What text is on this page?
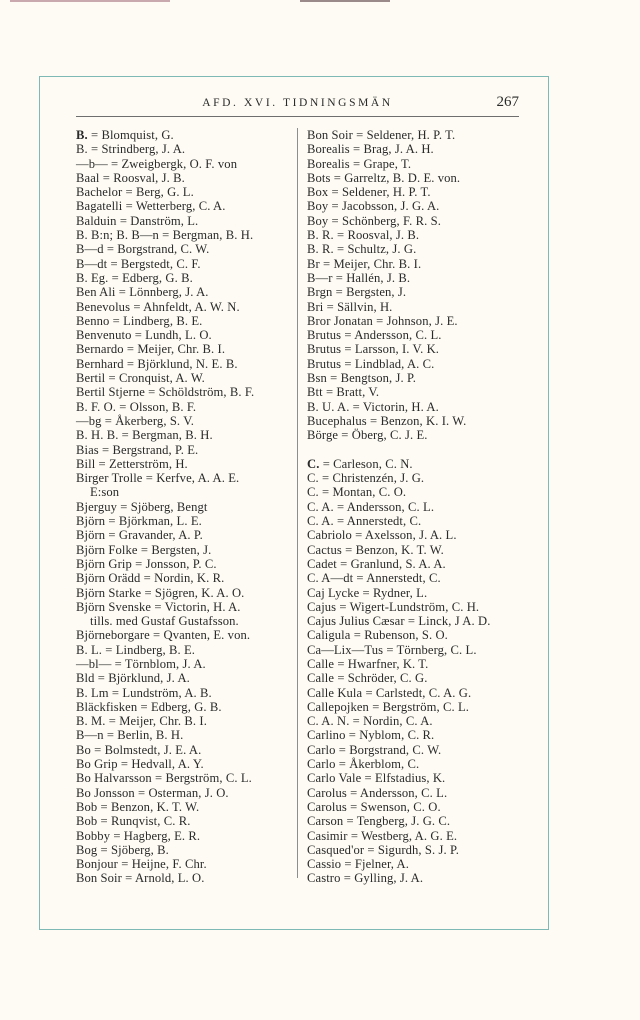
AFD. XVI. TIDNINGSMÄN	267
B. = Blomquist, G.
B. = Strindberg, J. A.
—b— = Zweigbergk, O. F. von
Baal = Roosval, J. B.
Bachelor = Berg, G. L.
Bagatelli = Wetterberg, C. A.
Balduin = Danström, L.
B. B:n; B. B—n = Bergman, B. H.
B—d = Borgstrand, C. W.
B—dt = Bergstedt, C. F.
B. Eg. = Edberg, G. B.
Ben Ali = Lönnberg, J. A.
Benevolus = Ahnfeldt, A. W. N.
Benno = Lindberg, B. E.
Benvenuto = Lundh, L. O.
Bernardo = Meijer, Chr. B. I.
Bernhard = Björklund, N. E. B.
Bertil = Cronquist, A. W.
Bertil Stjerne = Schöldström, B. F.
B. F. O. = Olsson, B. F.
—bg = Åkerberg, S. V.
B. H. B. = Bergman, B. H.
Bias = Bergstrand, P. E.
Bill = Zetterström, H.
Birger Trolle = Kerfve, A. A. E.
E:son
Bjerguy = Sjöberg, Bengt
Björn = Björkman, L. E.
Björn = Gravander, A. P.
Björn Folke = Bergsten, J.
Björn Grip = Jonsson, P. C.
Björn Orädd = Nordin, K. R.
Björn Starke = Sjögren, K. A. O.
Björn Svenske = Victorin, H. A.
tills. med Gustaf Gustafsson.
Björneborgare = Qvanten, E. von.
B. L. = Lindberg, B. E.
—bl— = Törnblom, J. A.
Bld = Björklund, J. A.
B. Lm = Lundström, A. B.
Bläckfisken = Edberg, G. B.
B. M. = Meijer, Chr. B. I.
B—n = Berlin, B. H.
Bo = Bolmstedt, J. E. A.
Bo Grip = Hedvall, A. Y.
Bo Halvarsson = Bergström, C. L.
Bo Jonsson = Osterman, J. O.
Bob = Benzon, K. T. W.
Bob = Runqvist, C. R.
Bobby = Hagberg, E. R.
Bog = Sjöberg, B.
Bonjour = Heijne, F. Chr.
Bon Soir = Arnold, L. O.
Bon Soir = Seldener, H. P. T.
Borealis = Brag, J. A. H.
Borealis = Grape, T.
Bots = Garreltz, B. D. E. von.
Box = Seldener, H. P. T.
Boy = Jacobsson, J. G. A.
Boy = Schönberg, F. R. S.
B. R. = Roosval, J. B.
B. R. = Schultz, J. G.
Br = Meijer, Chr. B. I.
B—r = Hallén, J. B.
Brgn = Bergsten, J.
Bri = Sällvin, H.
Bror Jonatan = Johnson, J. E.
Brutus = Andersson, C. L.
Brutus = Larsson, I. V. K.
Brutus = Lindblad, A. C.
Bsn = Bengtson, J. P.
Btt = Bratt, V.
B. U. A. = Victorin, H. A.
Bucephalus = Benzon, K. I. W.
Börge = Öberg, C. J. E.
C. = Carleson, C. N.
C. = Christenzén, J. G.
C. = Montan, C. O.
C. A. = Andersson, C. L.
C. A. = Annerstedt, C.
Cabriolo = Axelsson, J. A. L.
Cactus = Benzon, K. T. W.
Cadet = Granlund, S. A. A.
C. A—dt = Annerstedt, C.
Caj Lycke = Rydner, L.
Cajus = Wigert-Lundström, C. H.
Cajus Julius Cæsar = Linck, J A. D.
Caligula = Rubenson, S. O.
Ca—Lix—Tus = Törnberg, C. L.
Calle = Hwarfner, K. T.
Calle = Schröder, C. G.
Calle Kula = Carlstedt, C. A. G.
Callepojken = Bergström, C. L.
C. A. N. = Nordin, C. A.
Carlino = Nyblom, C. R.
Carlo = Borgstrand, C. W.
Carlo = Åkerblom, C.
Carlo Vale = Elfstadius, K.
Carolus = Andersson, C. L.
Carolus = Swenson, C. O.
Carson = Tengberg, J. G. C.
Casimir = Westberg, A. G. E.
Casqued'or = Sigurdh, S. J. P.
Cassio = Fjelner, A.
Castro = Gylling, J. A.
